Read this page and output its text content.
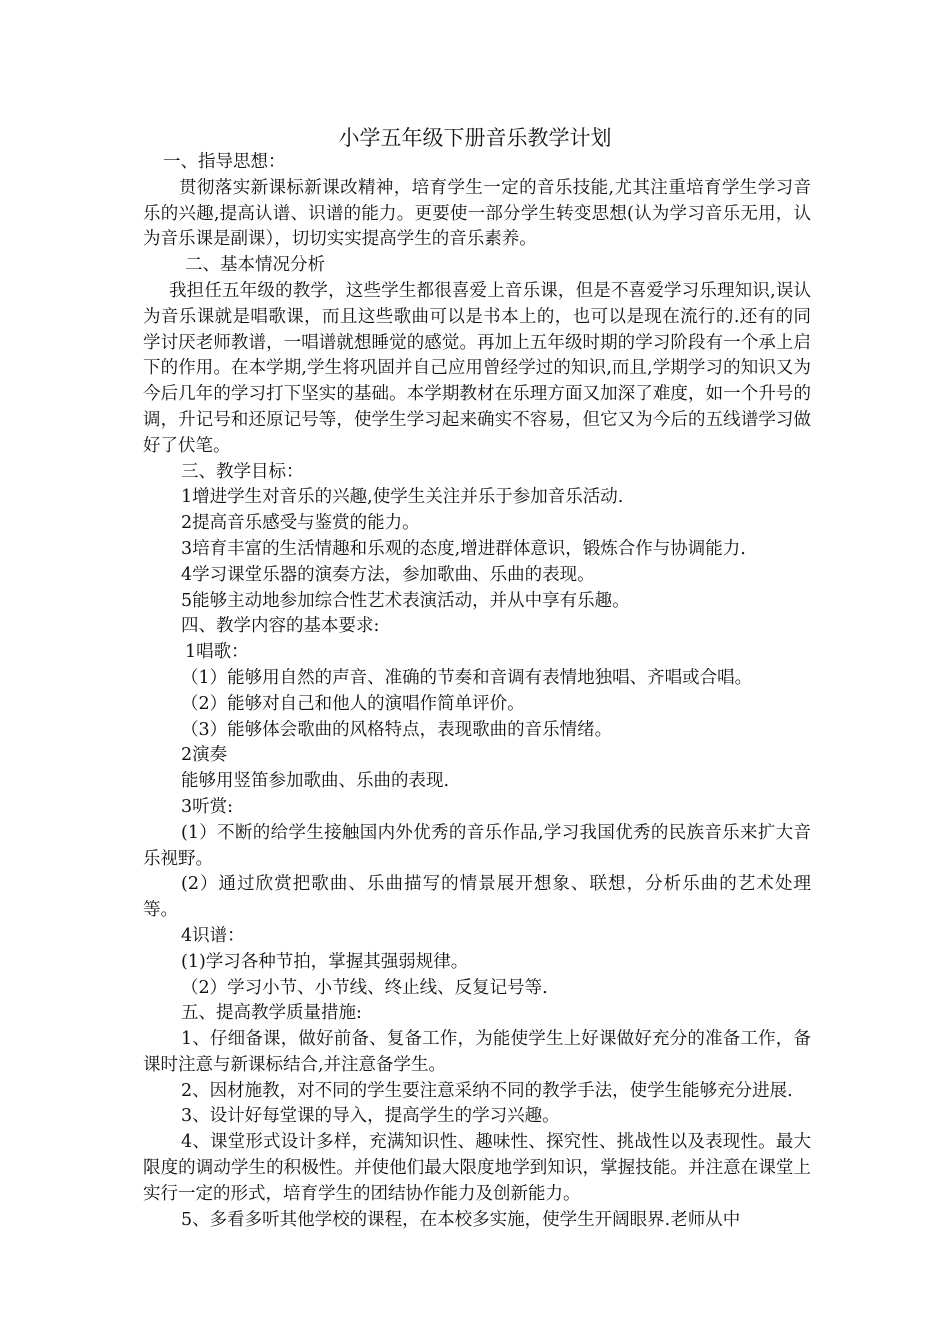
小学五年级下册音乐教学计划

一、指导思想：

贯彻落实新课标新课改精神，培育学生一定的音乐技能,尤其注重培育学生学习音乐的兴趣,提高认谱、识谱的能力。更要使一部分学生转变思想(认为学习音乐无用，认为音乐课是副课），切切实实提高学生的音乐素养。

二、基本情况分析

我担任五年级的教学，这些学生都很喜爱上音乐课，但是不喜爱学习乐理知识,误认为音乐课就是唱歌课，而且这些歌曲可以是书本上的，也可以是现在流行的.还有的同学讨厌老师教谱，一唱谱就想睡觉的感觉。再加上五年级时期的学习阶段有一个承上启下的作用。在本学期,学生将巩固并自己应用曾经学过的知识,而且,学期学习的知识又为今后几年的学习打下坚实的基础。本学期教材在乐理方面又加深了难度，如一个升号的调，升记号和还原记号等，使学生学习起来确实不容易，但它又为今后的五线谱学习做好了伏笔。

三、教学目标：

1增进学生对音乐的兴趣,使学生关注并乐于参加音乐活动.

2提高音乐感受与鉴赏的能力。

3培育丰富的生活情趣和乐观的态度,增进群体意识，锻炼合作与协调能力.

4学习课堂乐器的演奏方法，参加歌曲、乐曲的表现。

5能够主动地参加综合性艺术表演活动，并从中享有乐趣。

四、教学内容的基本要求:

1唱歌：

（1）能够用自然的声音、准确的节奏和音调有表情地独唱、齐唱或合唱。

（2）能够对自己和他人的演唱作简单评价。

（3）能够体会歌曲的风格特点，表现歌曲的音乐情绪。

2演奏

能够用竖笛参加歌曲、乐曲的表现.

3听赏:

(1）不断的给学生接触国内外优秀的音乐作品,学习我国优秀的民族音乐来扩大音乐视野。

(2）通过欣赏把歌曲、乐曲描写的情景展开想象、联想，分析乐曲的艺术处理等。

4识谱：

(1)学习各种节拍，掌握其强弱规律。

（2）学习小节、小节线、终止线、反复记号等.

五、提高教学质量措施:

1、仔细备课，做好前备、复备工作，为能使学生上好课做好充分的准备工作，备课时注意与新课标结合,并注意备学生。

2、因材施教，对不同的学生要注意采纳不同的教学手法，使学生能够充分进展.

3、设计好每堂课的导入，提高学生的学习兴趣。

4、课堂形式设计多样，充满知识性、趣味性、探究性、挑战性以及表现性。最大限度的调动学生的积极性。并使他们最大限度地学到知识，掌握技能。并注意在课堂上实行一定的形式，培育学生的团结协作能力及创新能力。

5、多看多听其他学校的课程，在本校多实施，使学生开阔眼界.老师从中
